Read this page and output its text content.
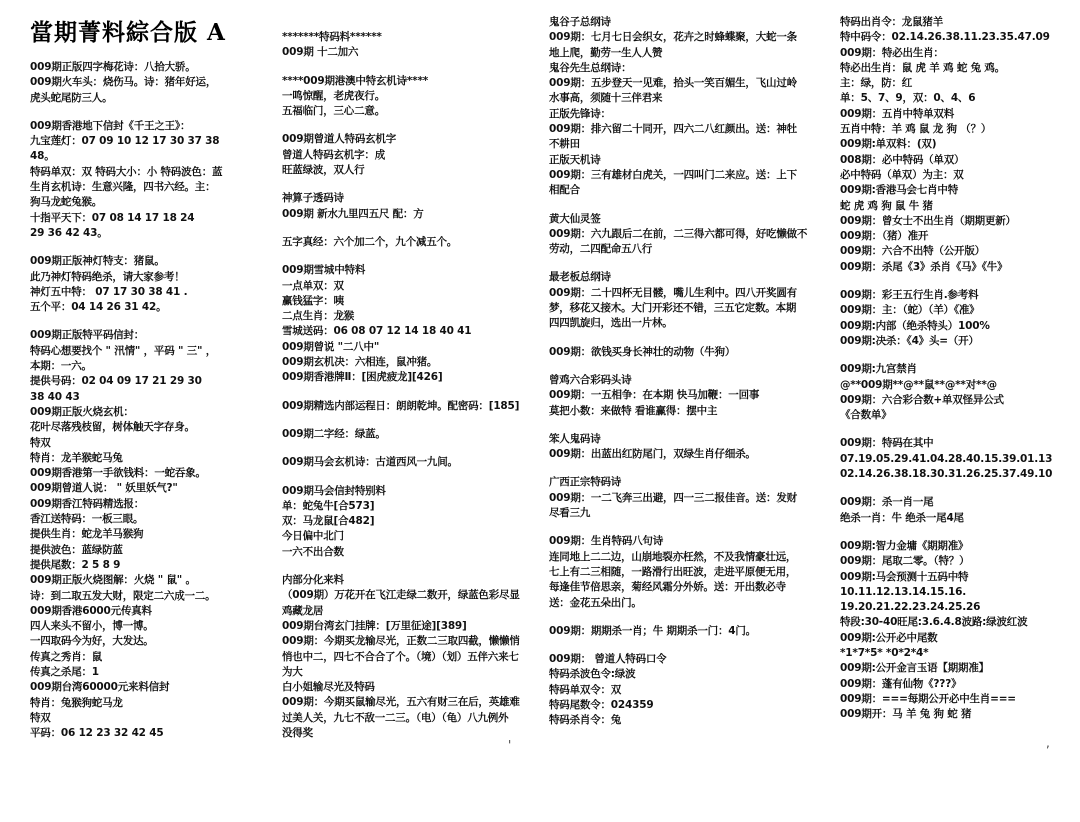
當期菁料綜合版 A
009期正版四字梅花诗：八拾大骄。
009期火车头：烧伤马。诗：猪年好运，
虎头蛇尾防三人。
009期香港地下信封《千王之王》：
九宝莲灯：07 09 10 12 17 30 37 38
48。
特码单双：双 特码大小：小 特码波色：蓝
生肖玄机诗：生意兴隆，四书六经。主：
狗马龙蛇兔猴。
十指平天下：07 08 14 17 18 24
29 36 42 43。
009期正版神灯特支：猪鼠。
此乃神灯特码绝杀，请大家参考！
神灯五中特： 07 17 30 38 41 .
五个平：04 14 26 31 42。
009期正版特平码信封：
特码心想要找个 " 汛情" ，平码 " 三" ，
本期：一六。
提供号码：02 04 09 17 21 29 30
38 40 43
009期正版火烧玄机：
花叶尽落残枝留，树体触天字存身。
特双
特肖：龙羊猴蛇马兔
009期香港第一手欲钱料：一蛇吞象。
009期曾道人说： " 妖里妖气?"
009期香江特码精选报：
香江送特码：一板三眼。
提供生肖：蛇龙羊马猴狗
提供波色：蓝绿防蓝
提供尾数：2 5 8 9
009期正版火烧图解：火烧 " 鼠" 。
诗：到二取五发大财，限定二六成一二。
009期香港6000元传真料
四人来头不留小，博一博。
一四取码今为好，大发达。
传真之秀肖：鼠
传真之杀尾：1
009期台湾60000元来料信封
特肖：兔猴狗蛇马龙
特双
平码：06 12 23 32 42 45
*******特码料******
009期 十二加六
****009期港澳中特玄机诗****
一鸣惊醒，老虎夜行。
五福临门，三心二意。
009期曾道人特码玄机字
曾道人特码玄机字：成
旺蓝绿波，双人行
神算子透码诗
009期 新水九里四五尺 配：方
五字真经：六个加二个，九个减五个。
009期雪城中特料
一点单双：双
赢钱猛字：咦
二点生肖：龙猴
雪城送码：06 08 07 12 14 18 40 41
009期曾说 "二八中"
009期玄机决：六相连，鼠冲猪。
009期香港牌Ⅱ：[困虎疲龙][426]
009期精选内部运程日：朗朗乾坤。配密码：[185]
009期二字经：绿蓝。
009期马会玄机诗：古道西风一九间。
009期马会信封特别料
单：蛇兔牛[合573]
双：马龙鼠[合482]
今日偏中北门
一六不出合数
内部分化来料
（009期）万花开在飞江走绿二数开，绿蓝色彩尽显
鸡藏龙居
009期台湾玄门挂牌：[万里征途][389]
009期：今期买龙输尽光，正数二三取四截，懒懒悄
悄也中二，四七不合合了个。（境）（划）五伴六来七
为大
白小姐输尽光及特码
009期：今期买鼠输尽光，五六有财三在后，英雄难
过美人关，九七不敌一二三。（电）（龟）八九例外
没得奖
鬼谷子总纲诗
009期：七月七日会织女，花卉之时蜂蝶聚，大蛇一条
地上爬，勤劳一生人人赞
鬼谷先生总纲诗：
009期：五步登天一见难，拾头一笑百媚生，飞山过岭
水事高，须随十三伴君来
正版先锋诗：
009期：排六留二十同开，四六二八红颜出。送：神牡
不耕田
正版天机诗
009期：三有雄材白虎关，一四叫门二来应。送：上下
相配合
黄大仙灵签
009期：六九跟后二在前，二三得六都可得，好吃懒做不
劳动，二四配命五八行
最老板总纲诗
009期：二十四杯无目髅，嘴儿生利中。四八开奖圆有
梦，移花又接木。大门开彩还不错，三五它定数。本期
四四凯旋归，选出一片林。
009期：欲钱买身长神壮的动物（牛狗）
曾鸡六合彩码头诗
009期：一五相争：在本期 快马加鞭：一回事
莫把小数：来做特 看谁赢得：摆中主
笨人鬼码诗
009期：出蓝出红防尾门，双绿生肖仔细杀。
广西正宗特码诗
009期：一二飞奔三出避，四一三二报佳音。送：发财
尽看三九
009期：生肖特码八句诗
连同地上二二边，山崩地裂亦枉然，不及我情豪壮远，
七上有二三相随，一路滑行出旺波，走进平原便无用，
每逢佳节倍思亲，菊经风霜分外娇。送：开出数必寺
送：金花五朵出门。
009期：期期杀一肖；牛 期期杀一门：4门。
009期： 曾道人特码口令
特码杀波色令:绿波
特码单双令：双
特码尾数令：024359
特码杀肖令：兔
特码出肖令：龙鼠猪羊
特中码令：02.14.26.38.11.23.35.47.09
009期：特必出生肖：
特必出生肖：鼠 虎 羊 鸡 蛇 兔 鸡。
主：绿，防：红
单：5、7、9，双：0、4、6
009期：五肖中特单双料
五肖中特：羊 鸡 鼠 龙 狗 （？）
009期:单双料：(双)
008期：必中特码（单双）
必中特码（单双）为主：双
009期:香港马会七肖中特
蛇 虎 鸡 狗 鼠 牛 猪
009期：曾女士不出生肖（期期更新）
009期：（猪）准开
009期：六合不出特（公开版）
009期：杀尾《3》杀肖《马》《牛》
009期：彩王五行生肖.参考料
009期：主：（蛇）（羊）《准》
009期:内部（绝杀特头）100%
009期:决杀：《4》头=（开）
009期:九宫禁肖
@**009期**@**鼠**@**对**@
009期：六合彩合数+单双怪异公式
《合数单》
009期：特码在其中
07.19.05.29.41.04.28.40.15.39.01.13
02.14.26.38.18.30.31.26.25.37.49.10
009期：杀一肖一尾
绝杀一肖：牛 绝杀一尾4尾
009期:智力金墉《期期准》
009期：尾取二零。（特？）
009期:马会预测十五码中特
10.11.12.13.14.15.16.
19.20.21.22.23.24.25.26
特段:30-40旺尾:3.6.4.8波路:绿波红波
009期:公开必中尾数
*1*7*5* *0*2*4*
009期:公开金言玉语【期期准】
009期：蓬有仙物《???》
009期：===每期公开必中生肖===
009期开：马 羊 兔 狗 蛇 猪
'	,
